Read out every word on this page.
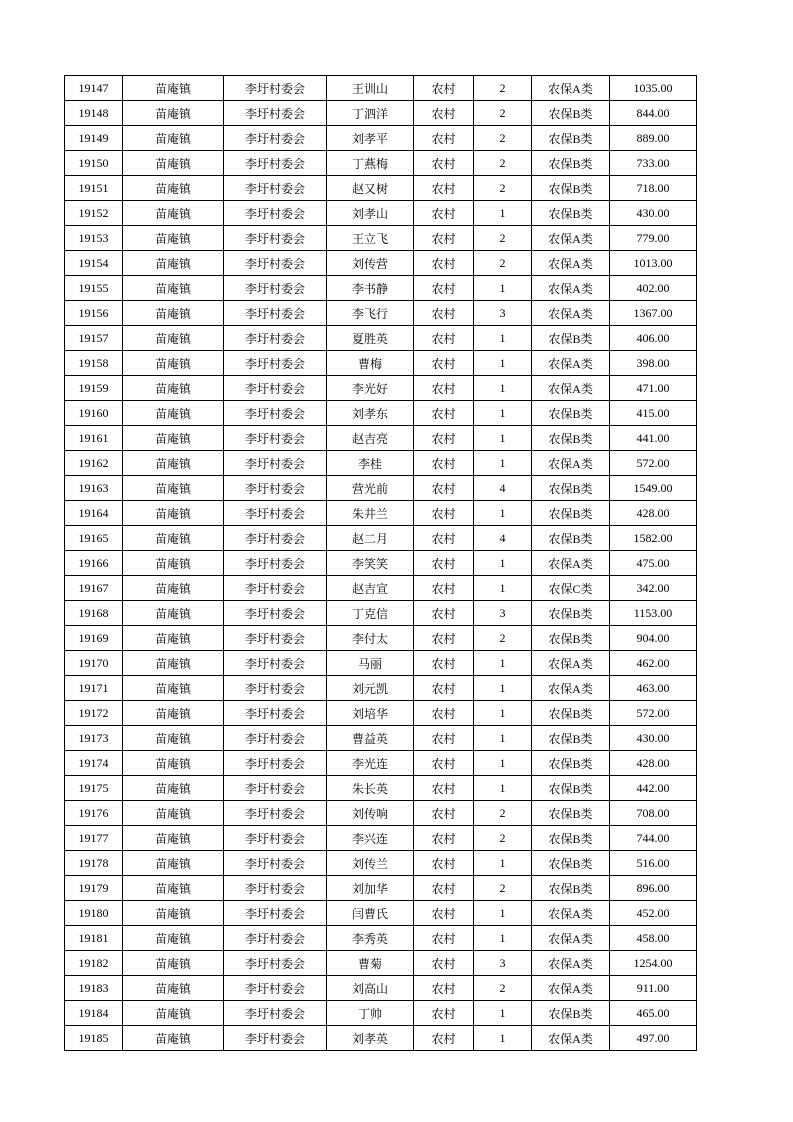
19147	苗庵镇	李圩村委会	王训山	农村	2	农保A类	1035.00
19148	苗庵镇	李圩村委会	丁泗洋	农村	2	农保B类	844.00
19149	苗庵镇	李圩村委会	刘孝平	农村	2	农保B类	889.00
19150	苗庵镇	李圩村委会	丁燕梅	农村	2	农保B类	733.00
19151	苗庵镇	李圩村委会	赵又树	农村	2	农保B类	718.00
19152	苗庵镇	李圩村委会	刘孝山	农村	1	农保B类	430.00
19153	苗庵镇	李圩村委会	王立飞	农村	2	农保A类	779.00
19154	苗庵镇	李圩村委会	刘传营	农村	2	农保A类	1013.00
19155	苗庵镇	李圩村委会	李书静	农村	1	农保A类	402.00
19156	苗庵镇	李圩村委会	李飞行	农村	3	农保A类	1367.00
19157	苗庵镇	李圩村委会	夏胜英	农村	1	农保B类	406.00
19158	苗庵镇	李圩村委会	曹梅	农村	1	农保A类	398.00
19159	苗庵镇	李圩村委会	李光好	农村	1	农保A类	471.00
19160	苗庵镇	李圩村委会	刘孝东	农村	1	农保B类	415.00
19161	苗庵镇	李圩村委会	赵吉亮	农村	1	农保B类	441.00
19162	苗庵镇	李圩村委会	李桂	农村	1	农保A类	572.00
19163	苗庵镇	李圩村委会	营光前	农村	4	农保B类	1549.00
19164	苗庵镇	李圩村委会	朱井兰	农村	1	农保B类	428.00
19165	苗庵镇	李圩村委会	赵二月	农村	4	农保B类	1582.00
19166	苗庵镇	李圩村委会	李笑笑	农村	1	农保A类	475.00
19167	苗庵镇	李圩村委会	赵吉宣	农村	1	农保C类	342.00
19168	苗庵镇	李圩村委会	丁克信	农村	3	农保B类	1153.00
19169	苗庵镇	李圩村委会	李付太	农村	2	农保B类	904.00
19170	苗庵镇	李圩村委会	马丽	农村	1	农保A类	462.00
19171	苗庵镇	李圩村委会	刘元凯	农村	1	农保A类	463.00
19172	苗庵镇	李圩村委会	刘培华	农村	1	农保B类	572.00
19173	苗庵镇	李圩村委会	曹益英	农村	1	农保B类	430.00
19174	苗庵镇	李圩村委会	李光连	农村	1	农保B类	428.00
19175	苗庵镇	李圩村委会	朱长英	农村	1	农保B类	442.00
19176	苗庵镇	李圩村委会	刘传响	农村	2	农保B类	708.00
19177	苗庵镇	李圩村委会	李兴连	农村	2	农保B类	744.00
19178	苗庵镇	李圩村委会	刘传兰	农村	1	农保B类	516.00
19179	苗庵镇	李圩村委会	刘加华	农村	2	农保B类	896.00
19180	苗庵镇	李圩村委会	闫曹氏	农村	1	农保A类	452.00
19181	苗庵镇	李圩村委会	李秀英	农村	1	农保A类	458.00
19182	苗庵镇	李圩村委会	曹菊	农村	3	农保A类	1254.00
19183	苗庵镇	李圩村委会	刘高山	农村	2	农保A类	911.00
19184	苗庵镇	李圩村委会	丁帅	农村	1	农保B类	465.00
19185	苗庵镇	李圩村委会	刘孝英	农村	1	农保A类	497.00
